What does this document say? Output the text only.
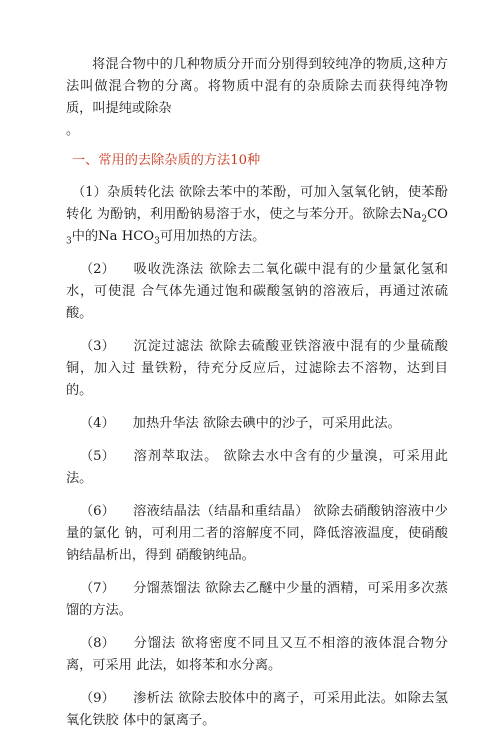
将混合物中的几种物质分开而分别得到较纯净的物质,这种方法叫做混合物的分离。将物质中混有的杂质除去而获得纯净物质，叫提纯或除杂
。

一、常用的去除杂质的方法10种

（1）杂质转化法 欲除去苯中的苯酚，可加入氢氧化钠，使苯酚转化 为酚钠，利用酚钠易溶于水，使之与苯分开。欲除去$Na_2CO_3$中的Na $HCO_3$可用加热的方法。

（2） 吸收洗涤法 欲除去二氧化碳中混有的少量氯化氢和水，可使混 合气体先通过饱和碳酸氢钠的溶液后，再通过浓硫酸。

（3） 沉淀过滤法 欲除去硫酸亚铁溶液中混有的少量硫酸铜，加入过 量铁粉，待充分反应后，过滤除去不溶物，达到目的。

（4） 加热升华法 欲除去碘中的沙子，可采用此法。

（5） 溶剂萃取法。 欲除去水中含有的少量溴，可采用此法。

（6） 溶液结晶法（结晶和重结晶） 欲除去硝酸钠溶液中少量的氯化 钠，可利用二者的溶解度不同，降低溶液温度，使硝酸钠结晶析出，得到 硝酸钠纯品。

（7） 分馏蒸馏法 欲除去乙醚中少量的酒精，可采用多次蒸馏的方法。

（8） 分馏法 欲将密度不同且又互不相溶的液体混合物分离，可采用 此法，如将苯和水分离。

（9） 渗析法 欲除去胶体中的离子，可采用此法。如除去氢氧化铁胶 体中的氯离子。
